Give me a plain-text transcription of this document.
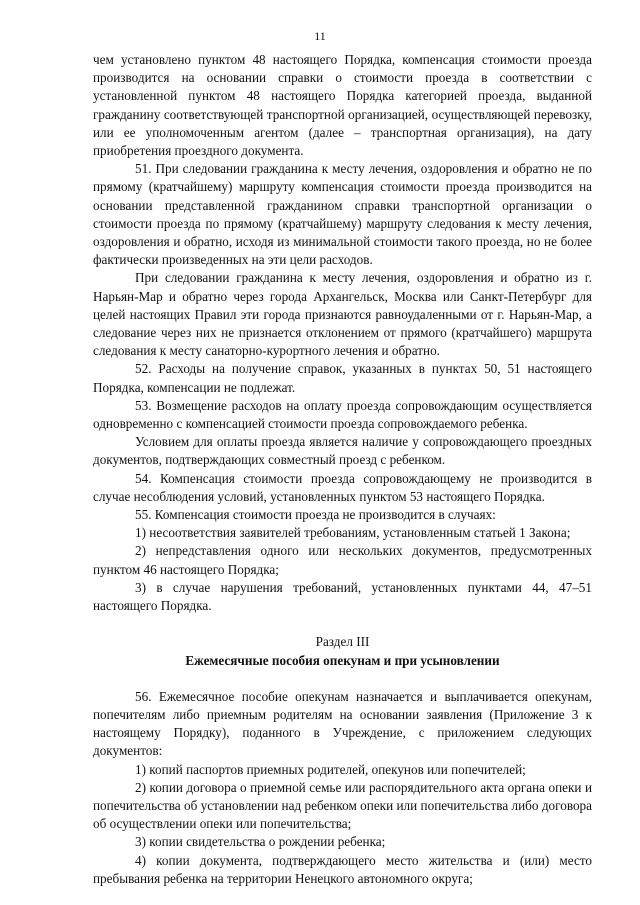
11

чем установлено пунктом 48 настоящего Порядка, компенсация стоимости проезда производится на основании справки о стоимости проезда в соответствии с установленной пунктом 48 настоящего Порядка категорией проезда, выданной гражданину соответствующей транспортной организацией, осуществляющей перевозку, или ее уполномоченным агентом (далее – транспортная организация), на дату приобретения проездного документа.

51. При следовании гражданина к месту лечения, оздоровления и обратно не по прямому (кратчайшему) маршруту компенсация стоимости проезда производится на основании представленной гражданином справки транспортной организации о стоимости проезда по прямому (кратчайшему) маршруту следования к месту лечения, оздоровления и обратно, исходя из минимальной стоимости такого проезда, но не более фактически произведенных на эти цели расходов.

При следовании гражданина к месту лечения, оздоровления и обратно из г. Нарьян-Мар и обратно через города Архангельск, Москва или Санкт-Петербург для целей настоящих Правил эти города признаются равноудаленными от г. Нарьян-Мар, а следование через них не признается отклонением от прямого (кратчайшего) маршрута следования к месту санаторно-курортного лечения и обратно.

52. Расходы на получение справок, указанных в пунктах 50, 51 настоящего Порядка, компенсации не подлежат.

53. Возмещение расходов на оплату проезда сопровождающим осуществляется одновременно с компенсацией стоимости проезда сопровождаемого ребенка.

Условием для оплаты проезда является наличие у сопровождающего проездных документов, подтверждающих совместный проезд с ребенком.

54. Компенсация стоимости проезда сопровождающему не производится в случае несоблюдения условий, установленных пунктом 53 настоящего Порядка.

55. Компенсация стоимости проезда не производится в случаях:

1) несоответствия заявителей требованиям, установленным статьей 1 Закона;

2) непредставления одного или нескольких документов, предусмотренных пунктом 46 настоящего Порядка;

3) в случае нарушения требований, установленных пунктами 44, 47–51 настоящего Порядка.

Раздел III

Ежемесячные пособия опекунам и при усыновлении

56. Ежемесячное пособие опекунам назначается и выплачивается опекунам, попечителям либо приемным родителям на основании заявления (Приложение 3 к настоящему Порядку), поданного в Учреждение, с приложением следующих документов:

1) копий паспортов приемных родителей, опекунов или попечителей;

2) копии договора о приемной семье или распорядительного акта органа опеки и попечительства об установлении над ребенком опеки или попечительства либо договора об осуществлении опеки или попечительства;

3) копии свидетельства о рождении ребенка;

4) копии документа, подтверждающего место жительства и (или) место пребывания ребенка на территории Ненецкого автономного округа;
